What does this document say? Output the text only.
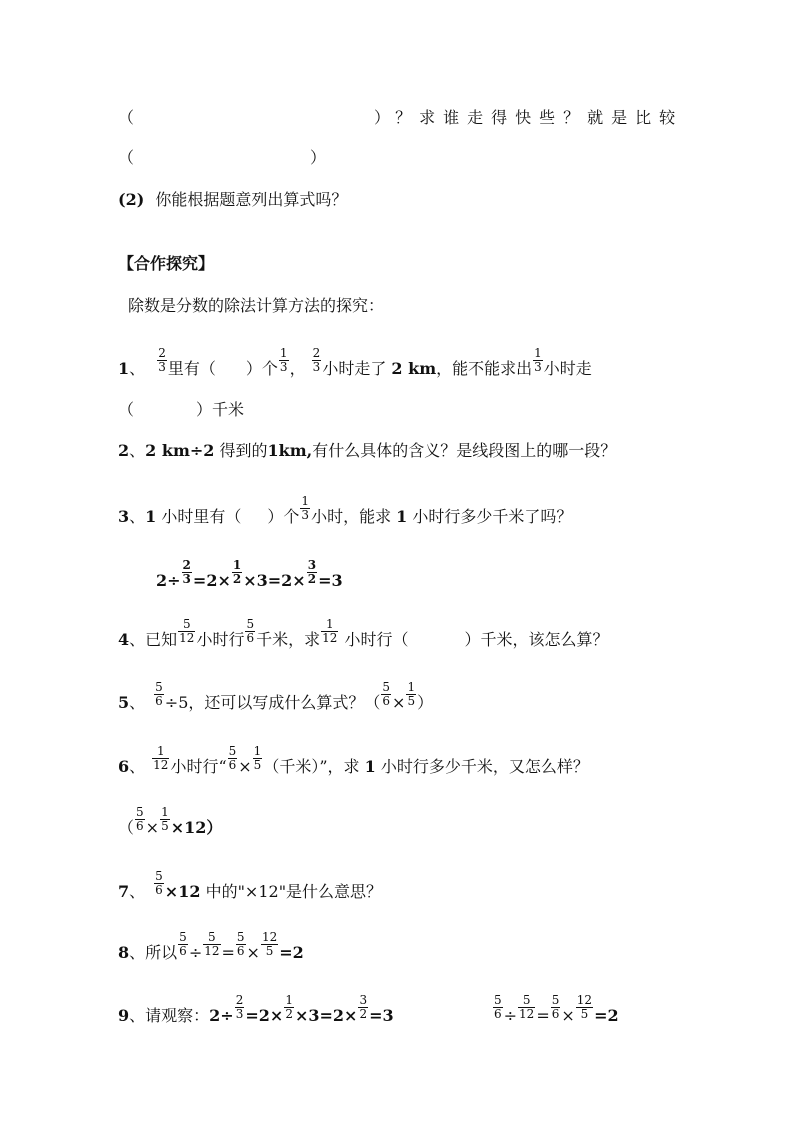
（	） ？求谁走得快些？就是比较
（	）
(2) 你能根据题意列出算式吗？
【合作探究】
除数是分数的除法计算方法的探究：
1、 $\frac{2}{3}$ 里有（ ）个 $\frac{1}{3}$ ， $\frac{2}{3}$ 小时走了 2 km，能不能求出 $\frac{1}{3}$ 小时走
（	）千米
2、2 km÷2 得到的1km,有什么具体的含义？是线段图上的哪一段？
3、1 小时里有（ ）个 $\frac{1}{3}$ 小时，能求 1 小时行多少千米了吗？
$2\div \frac{2}{3} =2\times \frac{1}{2} \times 3=2\times \frac{3}{2} =3$
4、已知 $\frac{5}{12}$ 小时行 $\frac{5}{6}$ 千米，求 $\frac{1}{12}$ 小时行（	）千米，该怎么算？
5、 $\frac{5}{6} \div 5$，还可以写成什么算式？（ $\frac{5}{6} \times \frac{1}{5}$ ）
6、 $\frac{1}{12}$ 小时行“ $\frac{5}{6} \times \frac{1}{5}$ （千米）”，求 1 小时行多少千米，又怎么样？
（ $\frac{5}{6} \times \frac{1}{5} \times 12$）
7、 $\frac{5}{6} \times 12$ 中的"×12"是什么意思？
8、所以 $\frac{5}{6} \div \frac{5}{12} = \frac{5}{6} \times \frac{12}{5} =2$
9、请观察：$2\div \frac{2}{3} =2\times \frac{1}{2} \times 3=2\times \frac{3}{2} =3$	$\frac{5}{6} \div \frac{5}{12} = \frac{5}{6} \times \frac{12}{5} =2$
